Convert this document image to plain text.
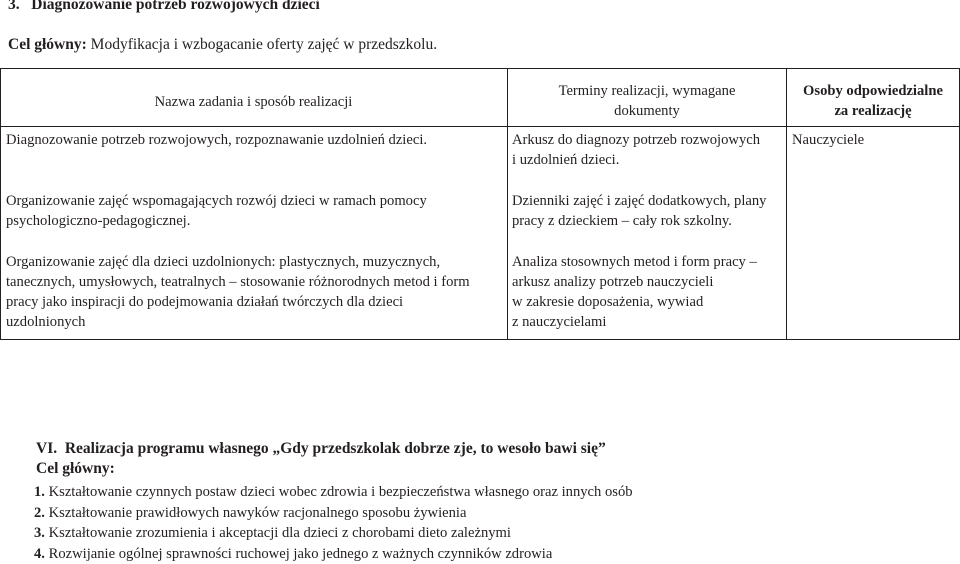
3. Diagnozowanie potrzeb rozwojowych dzieci
Cel główny: Modyfikacja i wzbogacanie oferty zajęć w przedszkolu.
Nazwa zadania i sposób realizacji
Terminy realizacji, wymagane
dokumenty
Osoby odpowiedzialne
za realizację
Diagnozowanie potrzeb rozwojowych, rozpoznawanie uzdolnień dzieci.	Arkusz do diagnozy potrzeb rozwojowych
i uzdolnień dzieci.
Nauczyciele
Organizowanie zajęć wspomagających rozwój dzieci w ramach pomocy
psychologiczno-pedagogicznej.
Dzienniki zajęć i zajęć dodatkowych, plany
pracy z dzieckiem – cały rok szkolny.
Organizowanie zajęć dla dzieci uzdolnionych: plastycznych, muzycznych,
tanecznych, umysłowych, teatralnych – stosowanie różnorodnych metod i form
pracy jako inspiracji do podejmowania działań twórczych dla dzieci
uzdolnionych
Analiza stosownych metod i form pracy –
arkusz analizy potrzeb nauczycieli
w zakresie doposażenia, wywiad
z nauczycielami
VI. Realizacja programu własnego „Gdy przedszkolak dobrze zje, to wesoło bawi się”
Cel główny:
1. Kształtowanie czynnych postaw dzieci wobec zdrowia i bezpieczeństwa własnego oraz innych osób
2. Kształtowanie prawidłowych nawyków racjonalnego sposobu żywienia
3. Kształtowanie zrozumienia i akceptacji dla dzieci z chorobami dieto zależnymi
4. Rozwijanie ogólnej sprawności ruchowej jako jednego z ważnych czynników zdrowia
